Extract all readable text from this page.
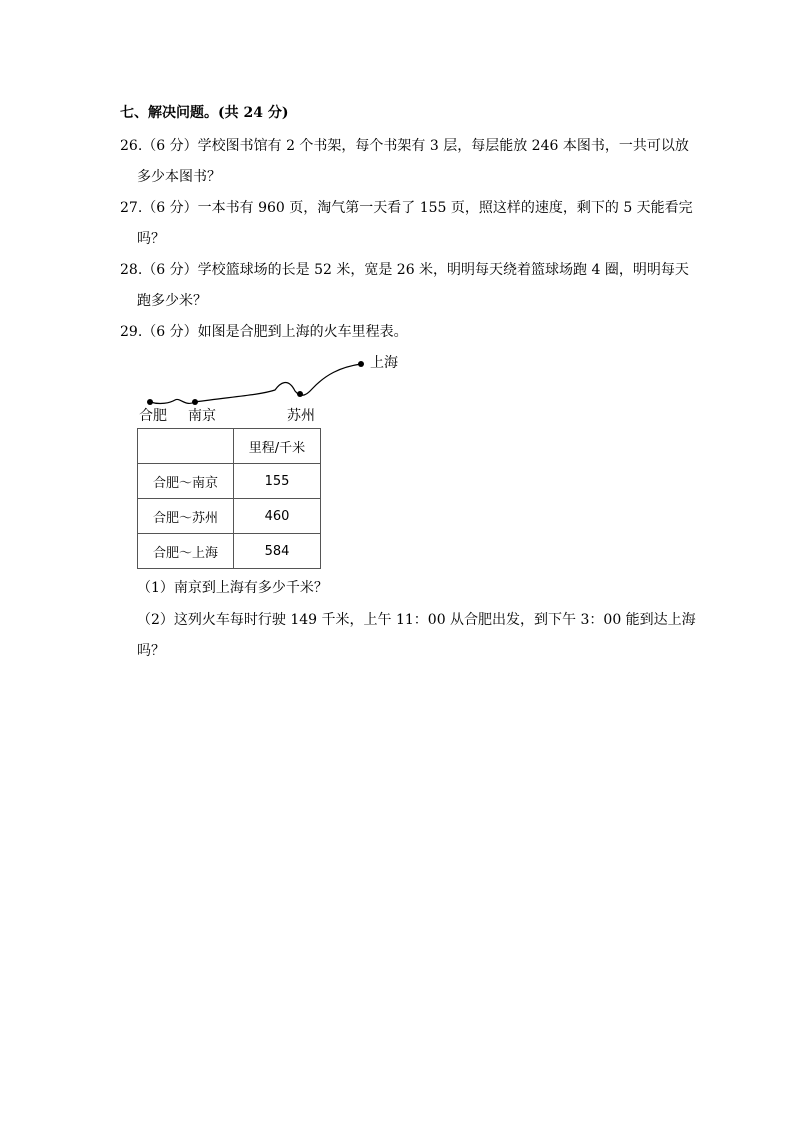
七、解决问题。(共 24 分)
26.（6 分）学校图书馆有 2 个书架，每个书架有 3 层，每层能放 246 本图书，一共可以放
多少本图书？
27.（6 分）一本书有 960 页，淘气第一天看了 155 页，照这样的速度，剩下的 5 天能看完
吗？
28.（6 分）学校篮球场的长是 52 米，宽是 26 米，明明每天绕着篮球场跑 4 圈，明明每天
跑多少米？
29.（6 分）如图是合肥到上海的火车里程表。
合肥 南京	苏州
上海
	里程/千米
合肥～南京	155
合肥～苏州	460
合肥～上海	584
（1）南京到上海有多少千米？
（2）这列火车每时行驶 149 千米，上午 11：00 从合肥出发，到下午 3：00 能到达上海
吗？
